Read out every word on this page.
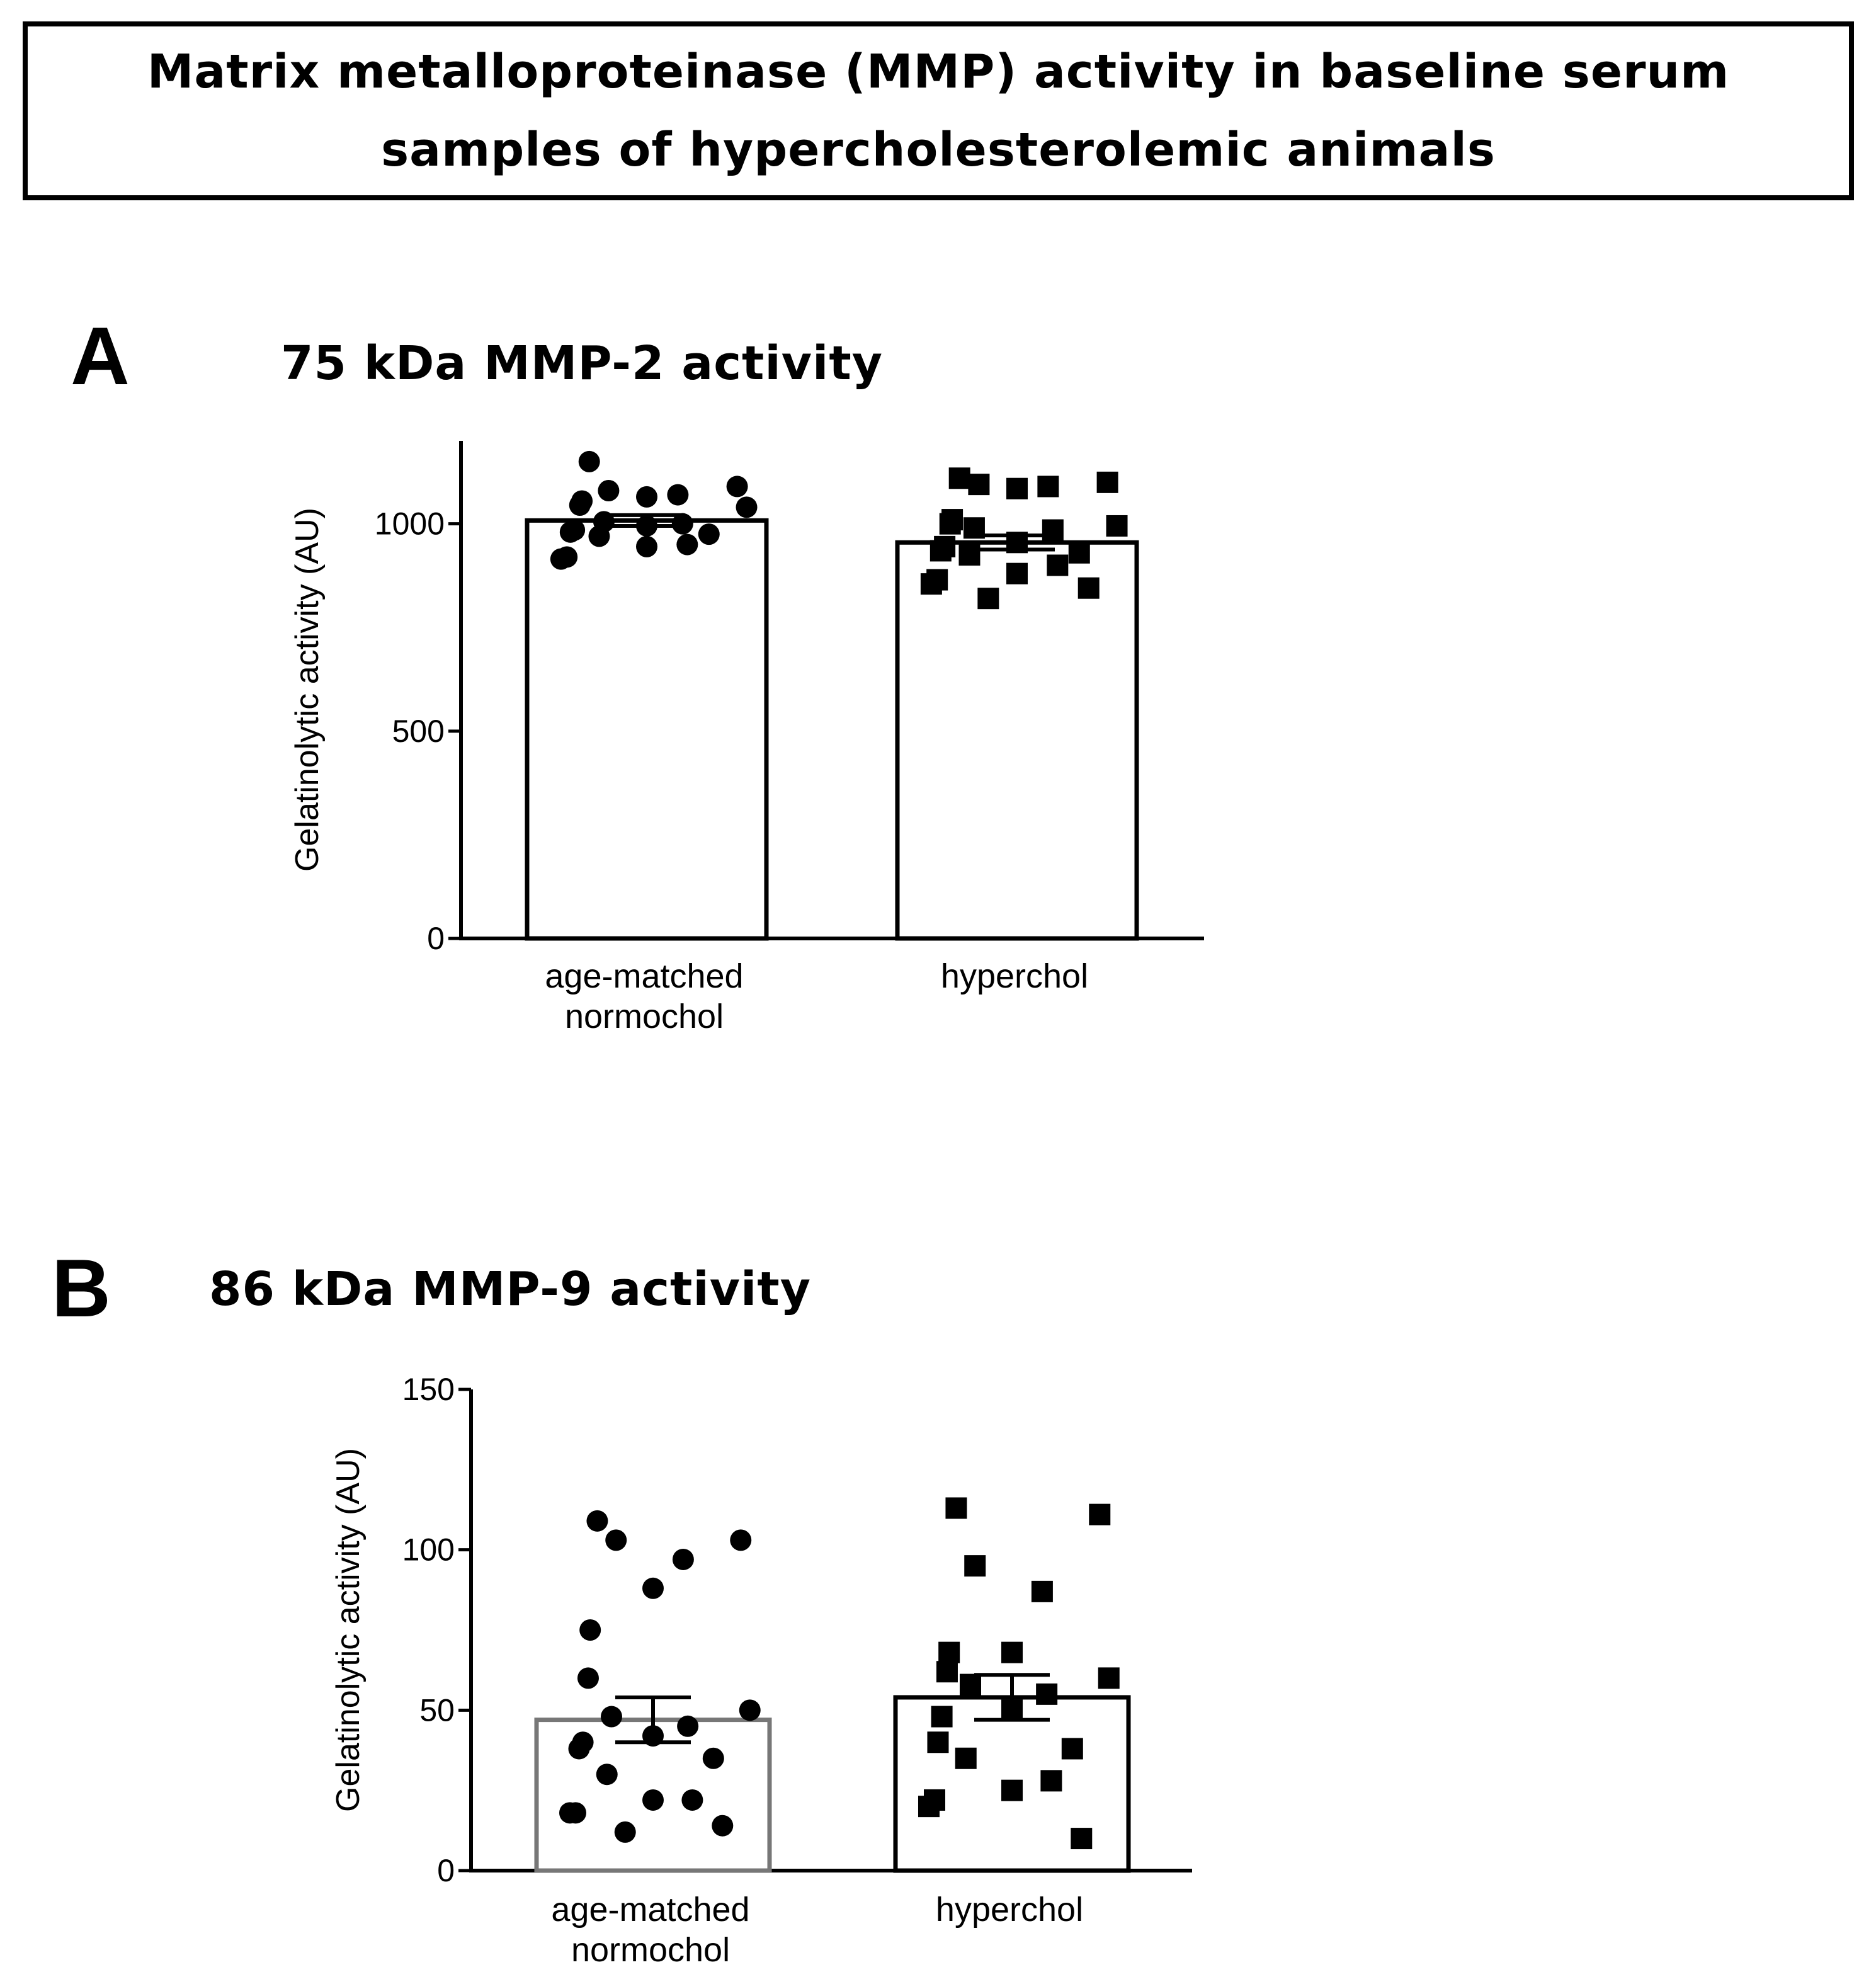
Matrix metalloproteinase (MMP) activity in baseline serum
samples of hypercholesterolemic animals
A	75 kDa MMP-2 activity
B 86 kDa MMP-9 activity
0
500
1000
Gelatinolytic activity (AU)
age-matched
normochol
hyperchol
0
50
100
150
Gelatinolytic activity (AU)
age-matched
normochol
hyperchol
